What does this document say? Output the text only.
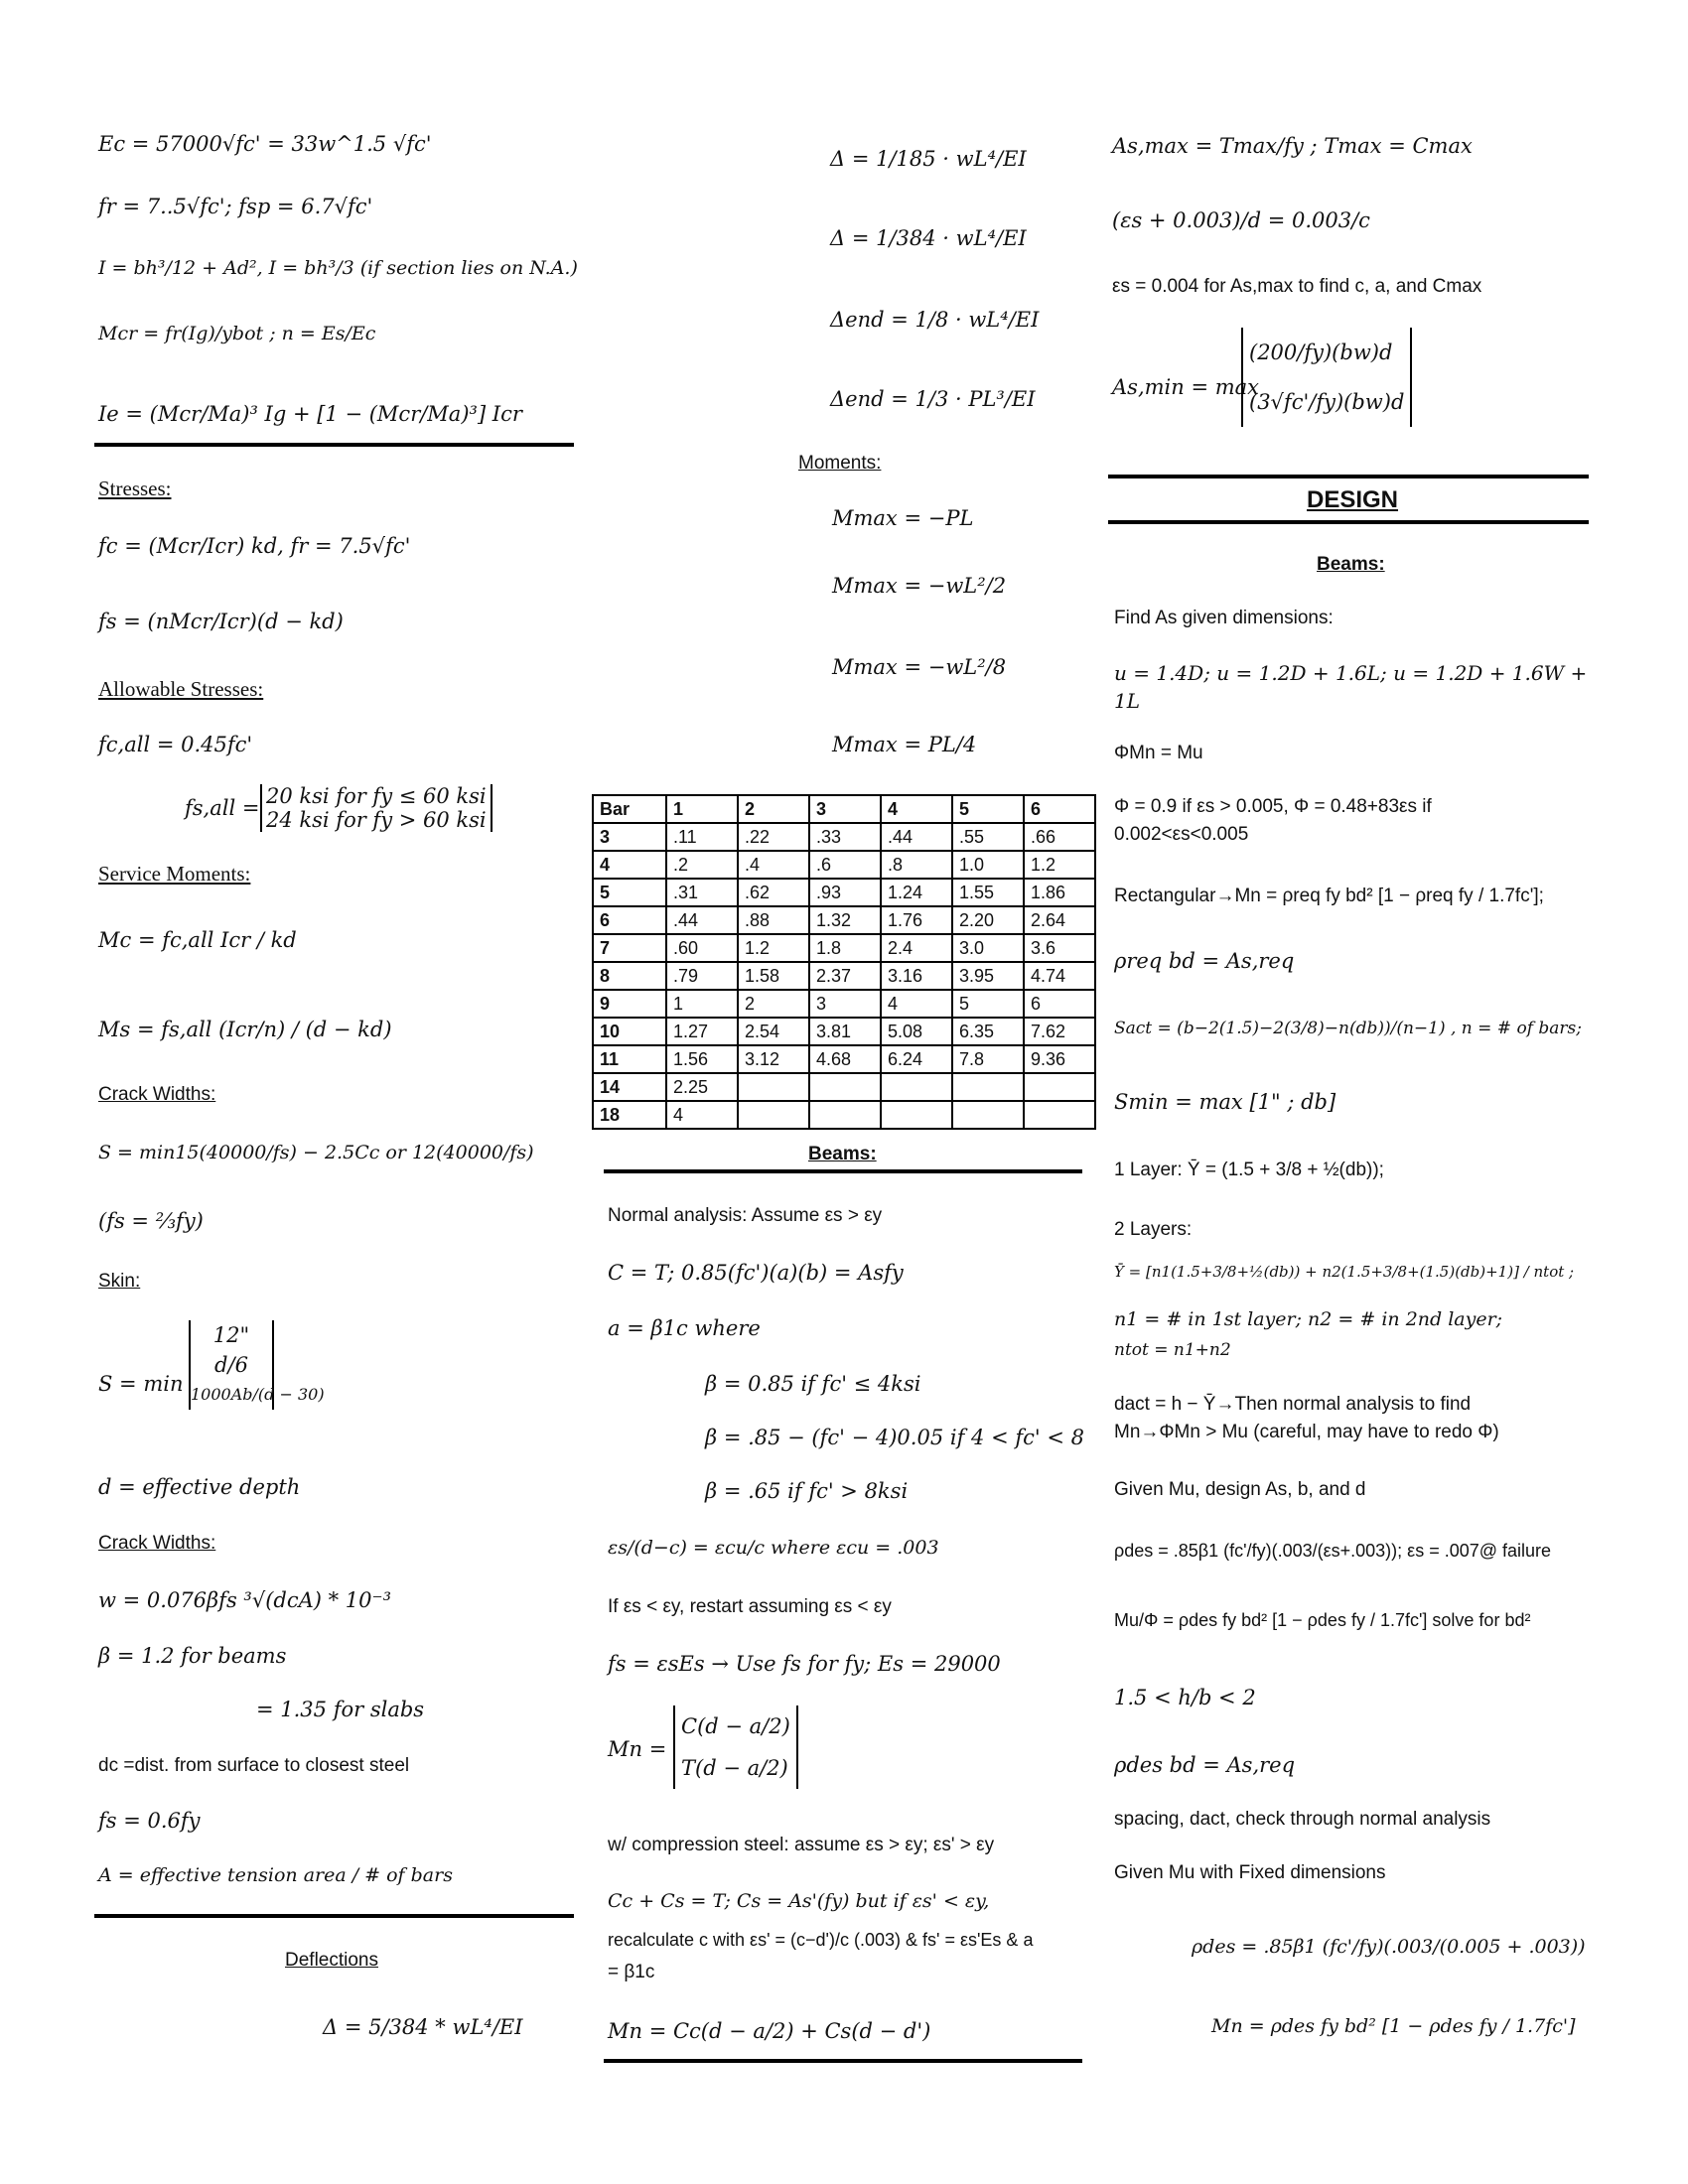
Ec = 57000√fc' = 33w^1.5 √fc'
fr = 7..5√fc'; fsp = 6.7√fc'
I = bh³/12 + Ad², I = bh³/3 (if section lies on N.A.)
Mcr = fr(Ig)/ybot ; n = Es/Ec
Ie = (Mcr/Ma)³ Ig + [1 − (Mcr/Ma)³] Icr
Stresses:
fc = (Mcr/Icr) kd, fr = 7.5√fc'
fs = (nMcr/Icr)(d − kd)
Allowable Stresses:
fc,all = 0.45fc'
fs,all = 20 ksi for fy ≤ 60 ksi
24 ksi for fy > 60 ksi
Service Moments:
Mc = fc,all Icr / kd
Ms = fs,all (Icr/n) / (d − kd)
Crack Widths:
S = min15(40000/fs) − 2.5Cc or 12(40000/fs)
(fs = ⅔fy)
Skin:
S = min
12"
d/6
1000Ab/(d − 30)
d = effective depth
Crack Widths:
w = 0.076βfs ³√(dcA) * 10⁻³
β = 1.2 for beams
= 1.35 for slabs
dc =dist. from surface to closest steel
fs = 0.6fy
A = effective tension area / # of bars
Deflections
Δ = 5/384 * wL⁴/EI
Δ = 1/185 · wL⁴/EI
Δ = 1/384 · wL⁴/EI
Δend = 1/8 · wL⁴/EI
Δend = 1/3 · PL³/EI
Moments:
Mmax = −PL
Mmax = −wL²/2
Mmax = −wL²/8
Mmax = PL/4
Bar	1	2	3	4	5	6
3	.11	.22	.33	.44	.55	.66
4	.2	.4	.6	.8	1.0	1.2
5	.31	.62	.93	1.24	1.55	1.86
6	.44	.88	1.32	1.76	2.20	2.64
7	.60	1.2	1.8	2.4	3.0	3.6
8	.79	1.58	2.37	3.16	3.95	4.74
9	1	2	3	4	5	6
10	1.27	2.54	3.81	5.08	6.35	7.62
11	1.56	3.12	4.68	6.24	7.8	9.36
14	2.25					
18	4					
Beams:
Normal analysis: Assume εs > εy
C = T; 0.85(fc')(a)(b) = Asfy
a = β1c where
β = 0.85 if fc' ≤ 4ksi
β = .85 − (fc' − 4)0.05 if 4 < fc' < 8
β = .65 if fc' > 8ksi
εs/(d−c) = εcu/c where εcu = .003
If εs < εy, restart assuming εs < εy
fs = εsEs → Use fs for fy; Es = 29000
Mn =
C(d − a/2)
T(d − a/2)
w/ compression steel: assume εs > εy; εs' > εy
Cc + Cs = T; Cs = As'(fy) but if εs' < εy,
recalculate c with εs' = (c−d')/c (.003) & fs' = εs'Es & a
= β1c
Mn = Cc(d − a/2) + Cs(d − d')
As,max = Tmax/fy ; Tmax = Cmax
(εs + 0.003)/d = 0.003/c
εs = 0.004 for As,max to find c, a, and Cmax
As,min = max
(200/fy)(bw)d
(3√fc'/fy)(bw)d
DESIGN
Beams:
Find As given dimensions:
u = 1.4D; u = 1.2D + 1.6L; u = 1.2D + 1.6W +
1L
ΦMn = Mu
Φ = 0.9 if εs > 0.005, Φ = 0.48+83εs if
0.002<εs<0.005
Rectangular→Mn = ρreq fy bd² [1 − ρreq fy / 1.7fc'];
ρreq bd = As,req
Sact = (b−2(1.5)−2(3/8)−n(db))/(n−1) , n = # of bars;
Smin = max [1" ; db]
1 Layer: Ȳ = (1.5 + 3/8 + ½(db));
2 Layers:
Ȳ = [n1(1.5+3/8+½(db)) + n2(1.5+3/8+(1.5)(db)+1)] / ntot ;
n1 = # in 1st layer; n2 = # in 2nd layer;
ntot = n1+n2
dact = h − Ȳ→Then normal analysis to find
Mn→ΦMn > Mu (careful, may have to redo Φ)
Given Mu, design As, b, and d
ρdes = .85β1 (fc'/fy)(.003/(εs+.003)); εs = .007@ failure
Mu/Φ = ρdes fy bd² [1 − ρdes fy / 1.7fc'] solve for bd²
1.5 < h/b < 2
ρdes bd = As,req
spacing, dact, check through normal analysis
Given Mu with Fixed dimensions
ρdes = .85β1 (fc'/fy)(.003/(0.005 + .003))
Mn = ρdes fy bd² [1 − ρdes fy / 1.7fc']
